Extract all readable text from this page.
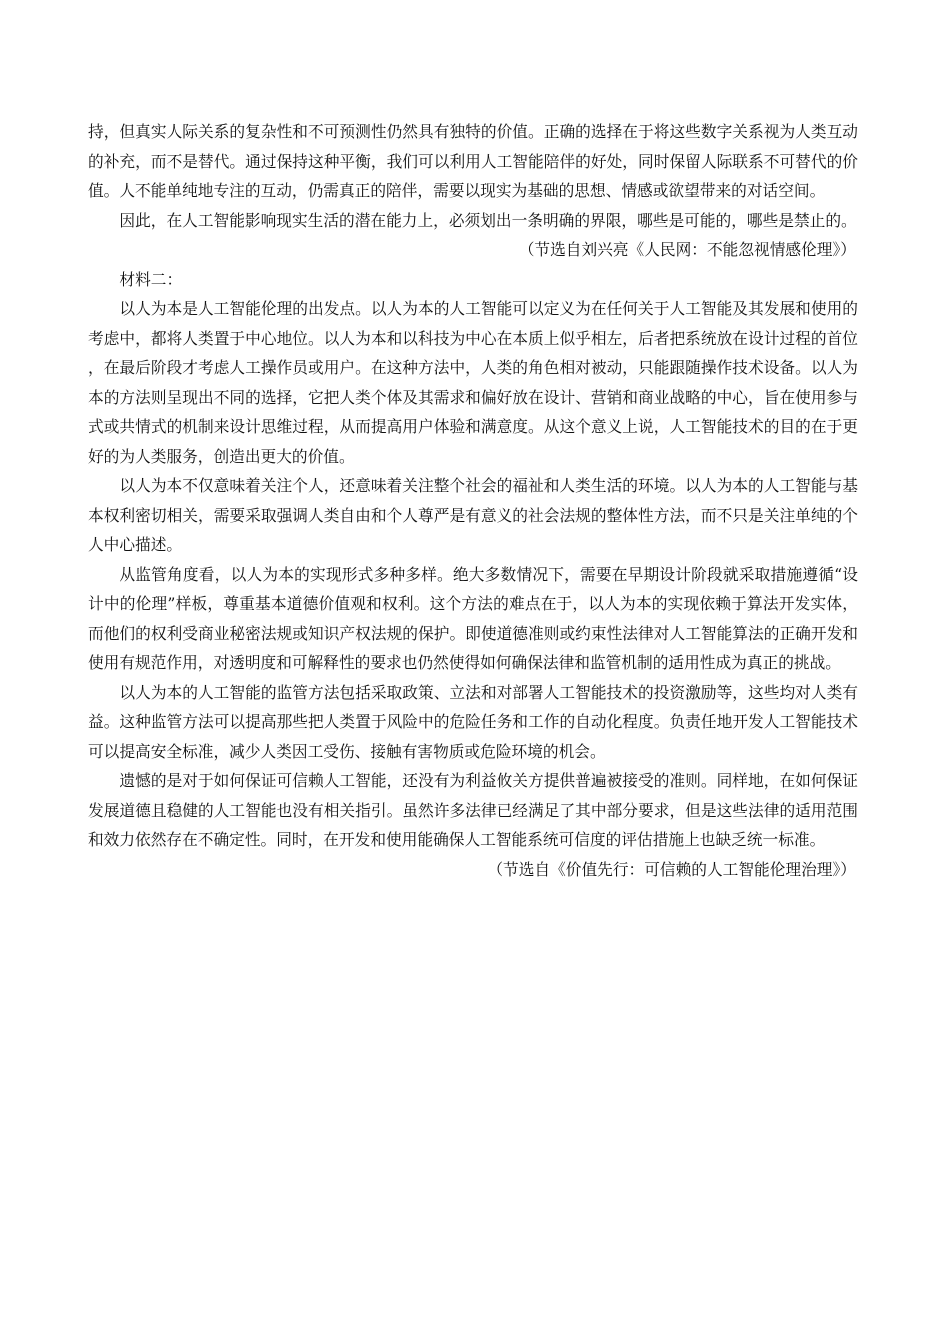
持，但真实人际关系的复杂性和不可预测性仍然具有独特的价值。正确的选择在于将这些数字关系视为人类互动的补充，而不是替代。通过保持这种平衡，我们可以利用人工智能陪伴的好处，同时保留人际联系不可替代的价值。人不能单纯地专注的互动，仍需真正的陪伴，需要以现实为基础的思想、情感或欲望带来的对话空间。

因此，在人工智能影响现实生活的潜在能力上，必须划出一条明确的界限，哪些是可能的，哪些是禁止的。

（节选自刘兴亮《人民网：不能忽视情感伦理》）

材料二：

以人为本是人工智能伦理的出发点。以人为本的人工智能可以定义为在任何关于人工智能及其发展和使用的考虑中，都将人类置于中心地位。以人为本和以科技为中心在本质上似乎相左，后者把系统放在设计过程的首位，在最后阶段才考虑人工操作员或用户。在这种方法中，人类的角色相对被动，只能跟随操作技术设备。以人为本的方法则呈现出不同的选择，它把人类个体及其需求和偏好放在设计、营销和商业战略的中心，旨在使用参与式或共情式的机制来设计思维过程，从而提高用户体验和满意度。从这个意义上说，人工智能技术的目的在于更好的为人类服务，创造出更大的价值。

以人为本不仅意味着关注个人，还意味着关注整个社会的福祉和人类生活的环境。以人为本的人工智能与基本权利密切相关，需要采取强调人类自由和个人尊严是有意义的社会法规的整体性方法，而不只是关注单纯的个人中心描述。

从监管角度看，以人为本的实现形式多种多样。绝大多数情况下，需要在早期设计阶段就采取措施遵循“设计中的伦理”样板，尊重基本道德价值观和权利。这个方法的难点在于，以人为本的实现依赖于算法开发实体，而他们的权利受商业秘密法规或知识产权法规的保护。即使道德准则或约束性法律对人工智能算法的正确开发和使用有规范作用，对透明度和可解释性的要求也仍然使得如何确保法律和监管机制的适用性成为真正的挑战。

以人为本的人工智能的监管方法包括采取政策、立法和对部署人工智能技术的投资激励等，这些均对人类有益。这种监管方法可以提高那些把人类置于风险中的危险任务和工作的自动化程度。负责任地开发人工智能技术可以提高安全标准，减少人类因工受伤、接触有害物质或危险环境的机会。

遗憾的是对于如何保证可信赖人工智能，还没有为利益攸关方提供普遍被接受的准则。同样地，在如何保证发展道德且稳健的人工智能也没有相关指引。虽然许多法律已经满足了其中部分要求，但是这些法律的适用范围和效力依然存在不确定性。同时，在开发和使用能确保人工智能系统可信度的评估措施上也缺乏统一标准。

（节选自《价值先行：可信赖的人工智能伦理治理》）
